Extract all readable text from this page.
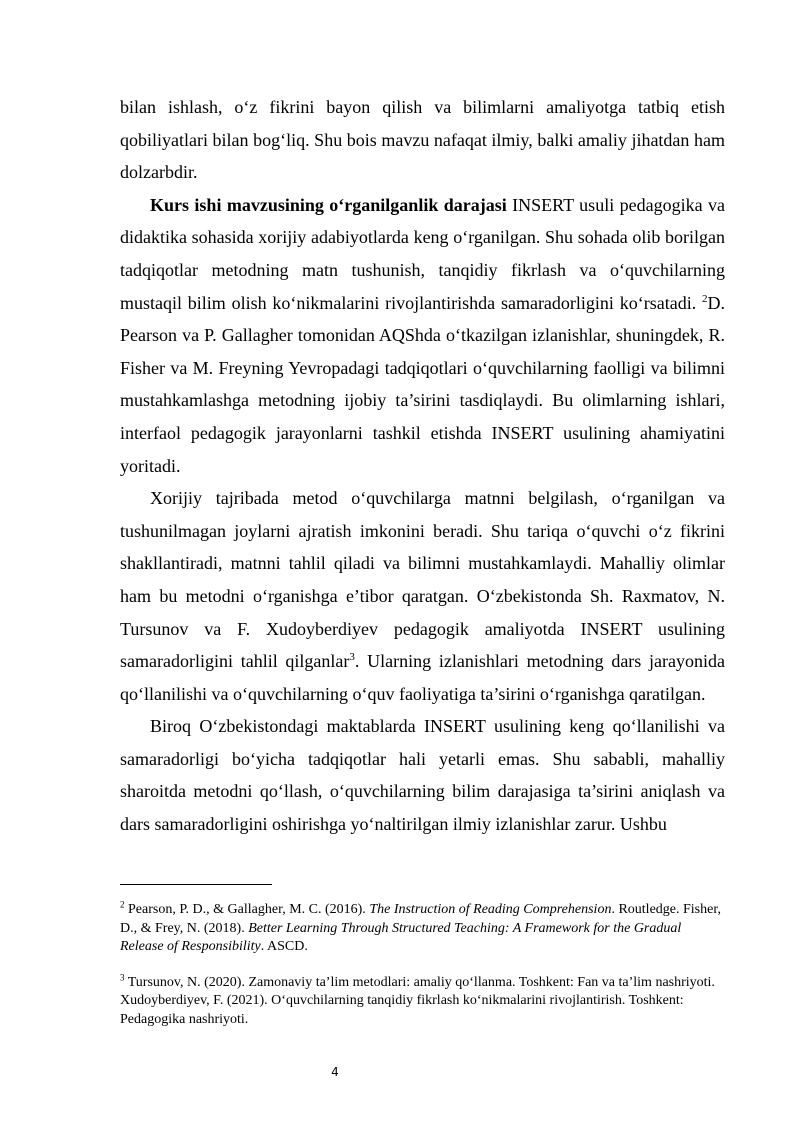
bilan ishlash, o‘z fikrini bayon qilish va bilimlarni amaliyotga tatbiq etish qobiliyatlari bilan bog‘liq. Shu bois mavzu nafaqat ilmiy, balki amaliy jihatdan ham dolzarbdir.

Kurs ishi mavzusining o‘rganilganlik darajasi INSERT usuli pedagogika va didaktika sohasida xorijiy adabiyotlarda keng o‘rganilgan. Shu sohada olib borilgan tadqiqotlar metodning matn tushunish, tanqidiy fikrlash va o‘quvchilarning mustaqil bilim olish ko‘nikmalarini rivojlantirishda samaradorligini ko‘rsatadi. $^2$D. Pearson va P. Gallagher tomonidan AQShda o‘tkazilgan izlanishlar, shuningdek, R. Fisher va M. Freyning Yevropadagi tadqiqotlari o‘quvchilarning faolligi va bilimni mustahkamlashga metodning ijobiy ta’sirini tasdiqlaydi. Bu olimlarning ishlari, interfaol pedagogik jarayonlarni tashkil etishda INSERT usulining ahamiyatini yoritadi.

Xorijiy tajribada metod o‘quvchilarga matnni belgilash, o‘rganilgan va tushunilmagan joylarni ajratish imkonini beradi. Shu tariqa o‘quvchi o‘z fikrini shakllantiradi, matnni tahlil qiladi va bilimni mustahkamlaydi. Mahalliy olimlar ham bu metodni o‘rganishga e’tibor qaratgan. O‘zbekistonda Sh. Raxmatov, N. Tursunov va F. Xudoyberdiyev pedagogik amaliyotda INSERT usulining samaradorligini tahlil qilganlar$^3$. Ularning izlanishlari metodning dars jarayonida qo‘llanilishi va o‘quvchilarning o‘quv faoliyatiga ta’sirini o‘rganishga qaratilgan.

Biroq O‘zbekistondagi maktablarda INSERT usulining keng qo‘llanilishi va samaradorligi bo‘yicha tadqiqotlar hali yetarli emas. Shu sababli, mahalliy sharoitda metodni qo‘llash, o‘quvchilarning bilim darajasiga ta’sirini aniqlash va dars samaradorligini oshirishga yo‘naltirilgan ilmiy izlanishlar zarur. Ushbu

$^2$ Pearson, P. D., & Gallagher, M. C. (2016). The Instruction of Reading Comprehension. Routledge. Fisher, D., & Frey, N. (2018). Better Learning Through Structured Teaching: A Framework for the Gradual Release of Responsibility. ASCD.

$^3$ Tursunov, N. (2020). Zamonaviy ta’lim metodlari: amaliy qo‘llanma. Toshkent: Fan va ta’lim nashriyoti. Xudoyberdiyev, F. (2021). O‘quvchilarning tanqidiy fikrlash ko‘nikmalarini rivojlantirish. Toshkent: Pedagogika nashriyoti.

4
